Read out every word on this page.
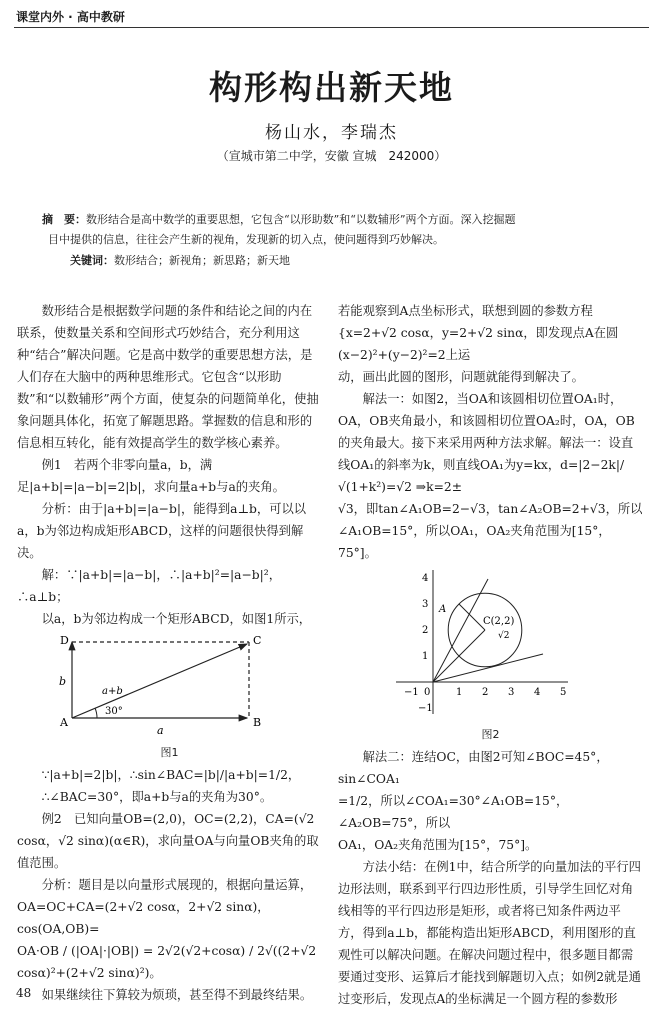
课堂内外 · 高中教研
构形构出新天地
杨山水，李瑞杰
（宣城市第二中学，安徽 宣城　242000）
摘　要：数形结合是高中数学的重要思想，它包含“以形助数”和“以数辅形”两个方面。深入挖掘题
目中提供的信息，往往会产生新的视角，发现新的切入点，使问题得到巧妙解决。
关键词：数形结合；新视角；新思路；新天地

数形结合是根据数学问题的条件和结论之间的内在联系，使数量关系和空间形式巧妙结合，充分利用这种“结合”解决问题。它是高中数学的重要思想方法，是人们存在大脑中的两种思维形式。它包含“以形助数”和“以数辅形”两个方面，使复杂的问题简单化，使抽象问题具体化，拓宽了解题思路。掌握数的信息和形的信息相互转化，能有效提高学生的数学核心素养。

例1　若两个非零向量a，b，满足|a+b|=|a−b|=2|b|，求向量a+b与a的夹角。

分析：由于|a+b|=|a−b|，能得到a⊥b，可以以a，b为邻边构成矩形ABCD，这样的问题很快得到解决。

解：∵|a+b|=|a−b|，∴|a+b|²=|a−b|²，∴a⊥b；

以a，b为邻边构成一个矩形ABCD，如图1所示，

A	B
C
D
a
b
a+b
30°
图1

∵|a+b|=2|b|，∴sin∠BAC=|b|/|a+b|=1/2，

∴∠BAC=30°，即a+b与a的夹角为30°。

例2　已知向量OB=(2,0)，OC=(2,2)，CA=(√2 cosα，√2 sinα)(α∈R)，求向量OA与向量OB夹角的取值范围。

分析：题目是以向量形式展现的，根据向量运算，OA=OC+CA=(2+√2 cosα，2+√2 sinα)，cos(OA,OB)=

OA·OB / (|OA|·|OB|) = 2√2(√2+cosα) / 2√((2+√2 cosα)²+(2+√2 sinα)²)。

如果继续往下算较为烦琐，甚至得不到最终结果。

若能观察到A点坐标形式，联想到圆的参数方程

{x=2+√2 cosα，y=2+√2 sinα，即发现点A在圆(x−2)²+(y−2)²=2上运

动，画出此圆的图形，问题就能得到解决了。

解法一：如图2，当OA和该圆相切位置OA₁时，OA，OB夹角最小，和该圆相切位置OA₂时，OA，OB的夹角最大。接下来采用两种方法求解。解法一：设直线OA₁的斜率为k，则直线OA₁为y=kx，d=|2−2k|/√(1+k²)=√2 ⇒k=2±

√3，即tan∠A₁OB=2−√3，tan∠A₂OB=2+√3，所以∠A₁OB=15°，所以OA₁，OA₂夹角范围为[15°，75°]。

A
C(2,2)
√2
−1 0	1 2 3 4 5
4
3
2
1
−1
图2

解法二：连结OC，由图2可知∠BOC=45°，sin∠COA₁

=1/2，所以∠COA₁=30°∠A₁OB=15°，∠A₂OB=75°，所以

OA₁，OA₂夹角范围为[15°，75°]。

方法小结：在例1中，结合所学的向量加法的平行四边形法则，联系到平行四边形性质，引导学生回忆对角线相等的平行四边形是矩形，或者将已知条件两边平方，得到a⊥b，都能构造出矩形ABCD，利用图形的直观性可以解决问题。在解决问题过程中，很多题目都需要通过变形、运算后才能找到解题切入点；如例2就是通过变形后，发现点A的坐标满足一个圆方程的参数形

48
